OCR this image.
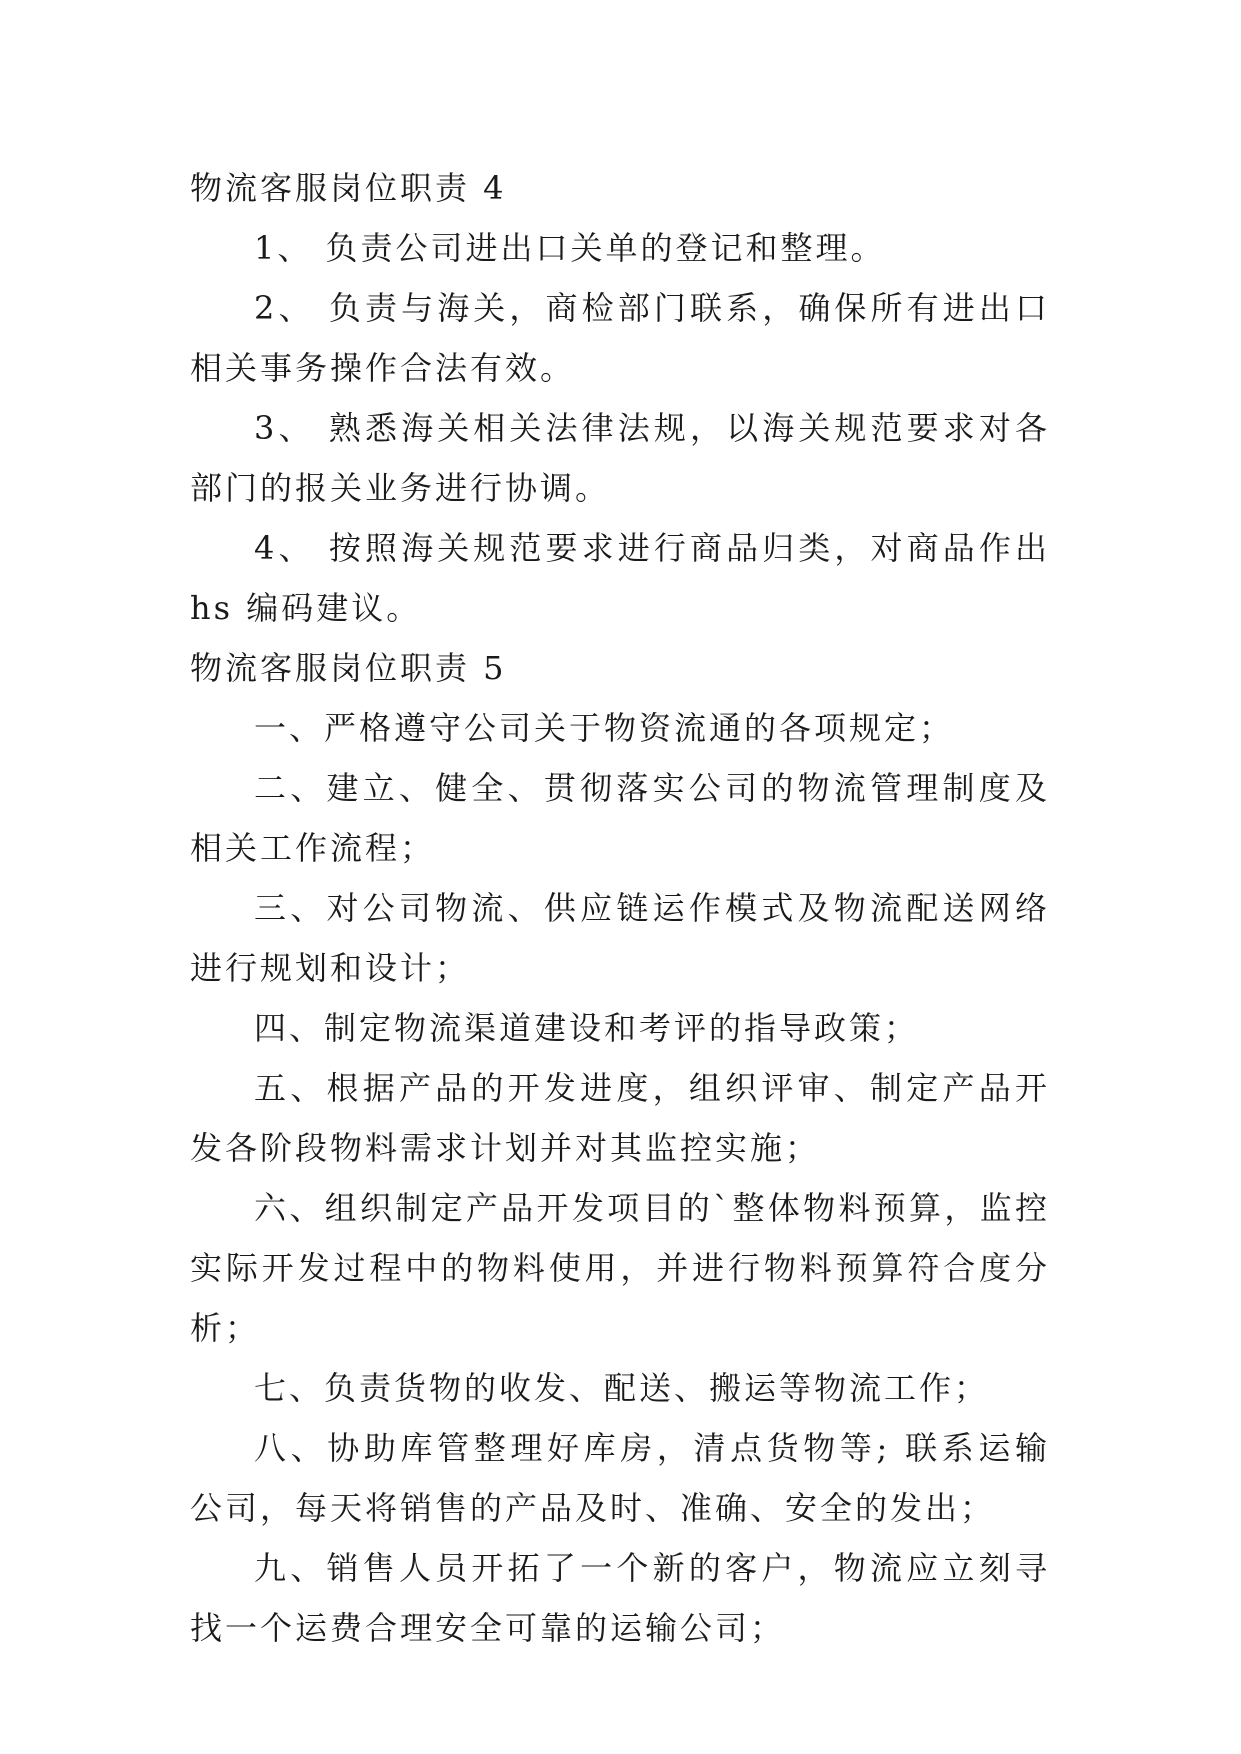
物流客服岗位职责 4

1、 负责公司进出口关单的登记和整理。

2、 负责与海关，商检部门联系，确保所有进出口相关事务操作合法有效。

3、 熟悉海关相关法律法规，以海关规范要求对各部门的报关业务进行协调。

4、 按照海关规范要求进行商品归类，对商品作出 hs 编码建议。

物流客服岗位职责 5

一、严格遵守公司关于物资流通的各项规定；

二、建立、健全、贯彻落实公司的物流管理制度及相关工作流程；

三、对公司物流、供应链运作模式及物流配送网络进行规划和设计；

四、制定物流渠道建设和考评的指导政策；

五、根据产品的开发进度，组织评审、制定产品开发各阶段物料需求计划并对其监控实施；

六、组织制定产品开发项目的`整体物料预算，监控实际开发过程中的物料使用，并进行物料预算符合度分析；

七、负责货物的收发、配送、搬运等物流工作；

八、协助库管整理好库房，清点货物等; 联系运输公司，每天将销售的产品及时、准确、安全的发出；

九、销售人员开拓了一个新的客户，物流应立刻寻找一个运费合理安全可靠的运输公司；
